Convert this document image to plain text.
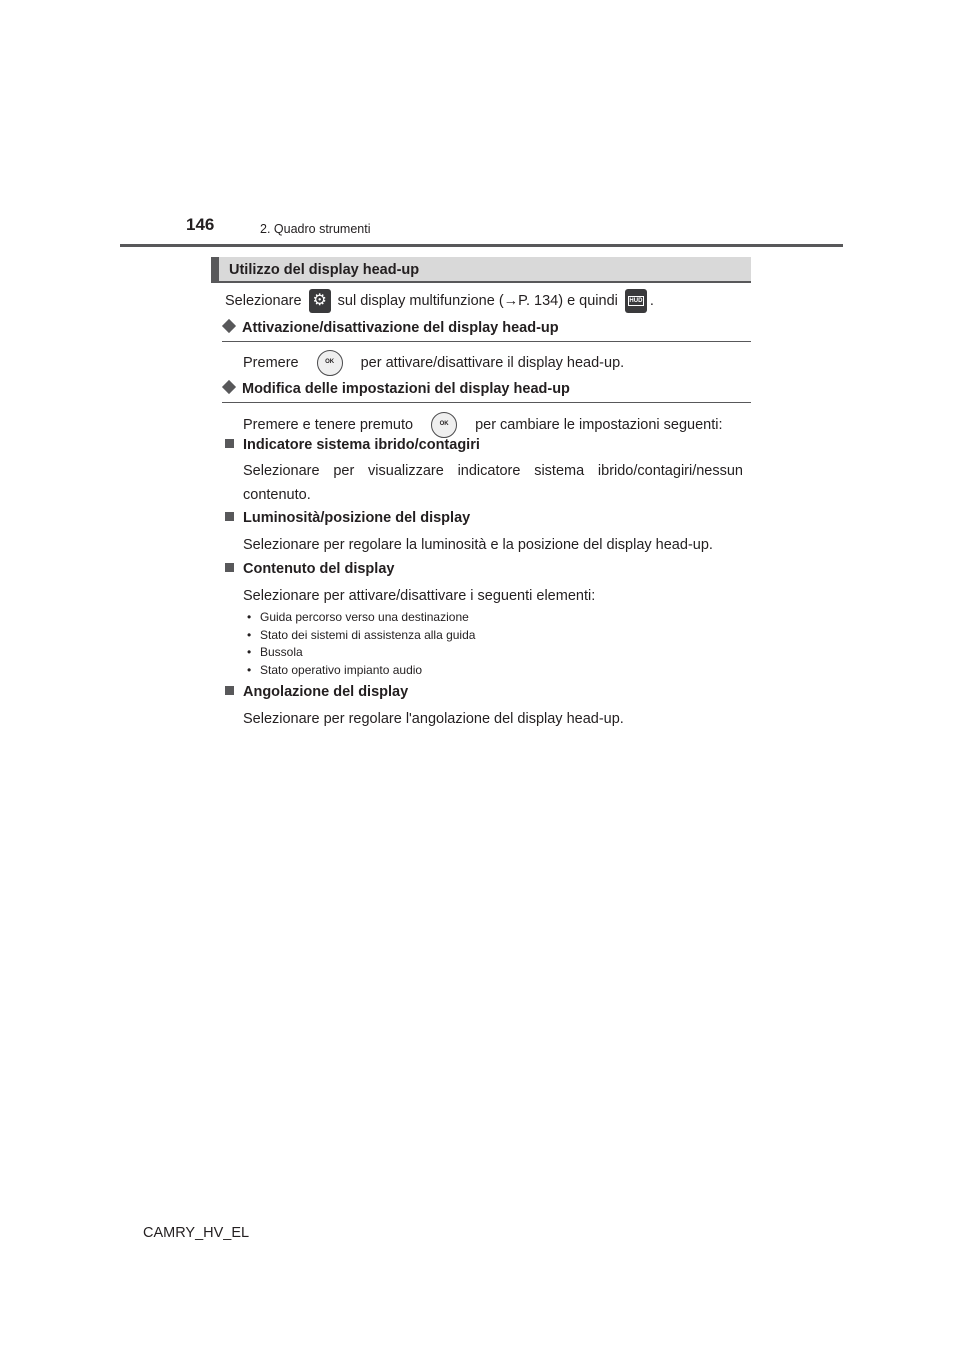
146	2. Quadro strumenti
Utilizzo del display head-up
Selezionare ⚙ sul display multifunzione (→P. 134) e quindi HUD .
Attivazione/disattivazione del display head-up
Premere	OK per attivare/disattivare il display head-up.
Modifica delle impostazioni del display head-up
Premere e tenere premuto	OK per cambiare le impostazioni seguenti:
Indicatore sistema ibrido/contagiri
Selezionare per visualizzare indicatore sistema ibrido/contagiri/nessun contenuto.
Luminosità/posizione del display
Selezionare per regolare la luminosità e la posizione del display head-up.
Contenuto del display
Selezionare per attivare/disattivare i seguenti elementi:
• Guida percorso verso una destinazione
• Stato dei sistemi di assistenza alla guida
• Bussola
• Stato operativo impianto audio
Angolazione del display
Selezionare per regolare l'angolazione del display head-up.
CAMRY_HV_EL
